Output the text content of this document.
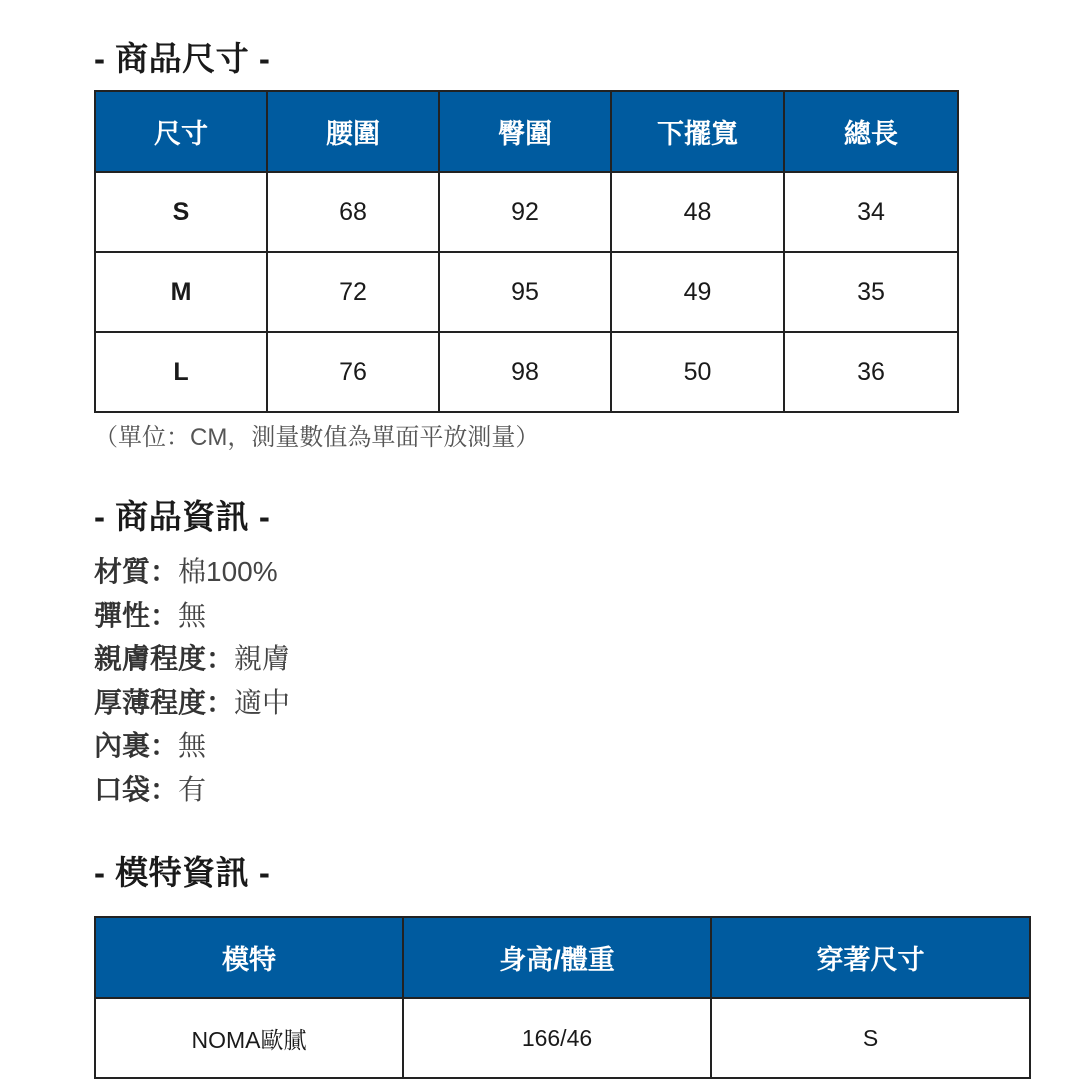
- 商品尺寸 -
尺寸	腰圍	臀圍	下擺寬	總長
S	68	92	48	34
M	72	95	49	35
L	76	98	50	36
（單位：CM，測量數值為單面平放測量）
- 商品資訊 -
材質：棉100%
彈性：無
親膚程度：親膚
厚薄程度：適中
內裏：無
口袋：有
- 模特資訊 -
模特	身高/體重	穿著尺寸
NOMA歐膩	166/46	S
